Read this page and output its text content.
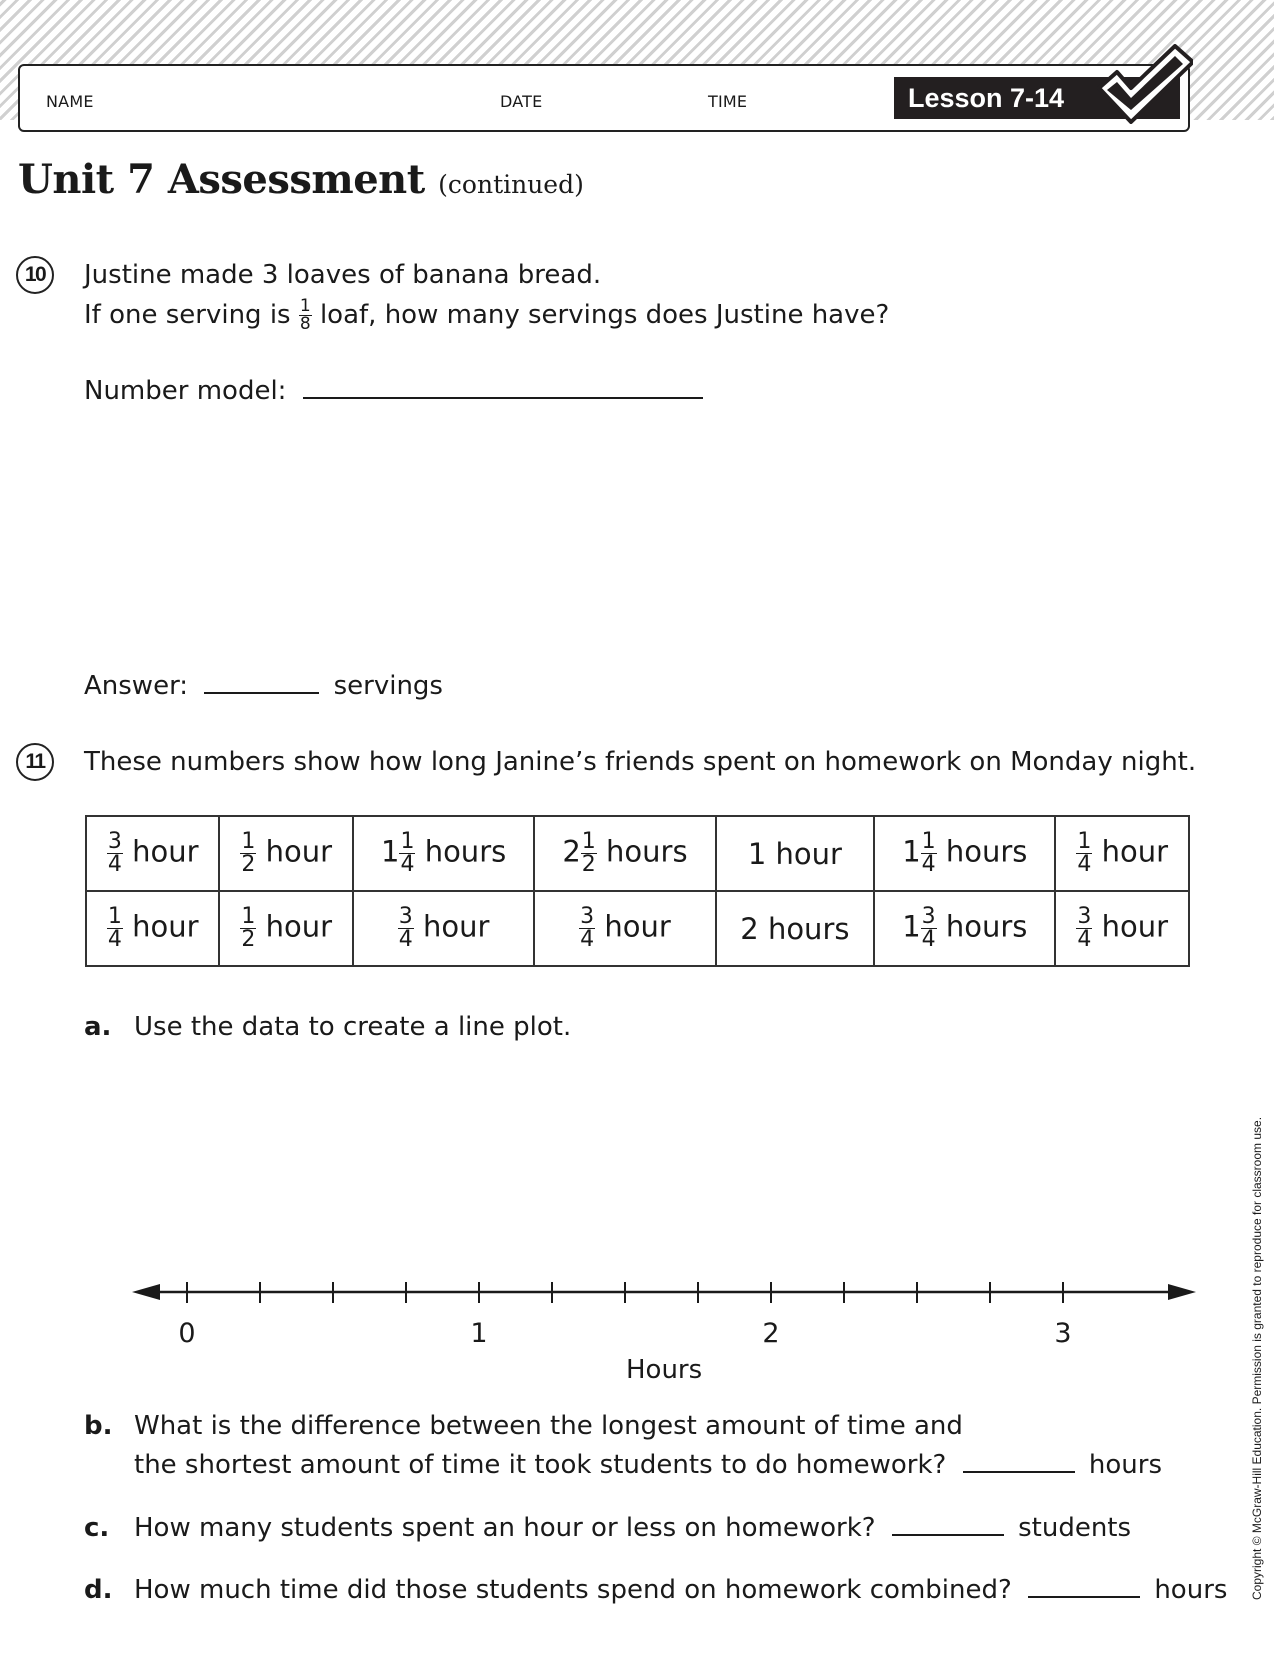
NAME	DATE	TIME	Lesson 7-14
Unit 7 Assessment (continued)
10	Justine made 3 loaves of banana bread.
If one serving is $\frac{1}{8}$ loaf, how many servings does Justine have?
Number model:
Answer:	servings
11	These numbers show how long Janine’s friends spent on homework on Monday night.
$\frac{3}{4}$ hour	$\frac{1}{2}$ hour	$1 \frac{1}{4}$ hours	$2 \frac{1}{2}$ hours	1 hour	$1 \frac{1}{4}$ hours	$\frac{1}{4}$ hour

$\frac{1}{4}$ hour	$\frac{1}{2}$ hour	$\frac{3}{4}$ hour	$\frac{3}{4}$ hour	2 hours	$1 \frac{3}{4}$ hours	$\frac{3}{4}$ hour
a. Use the data to create a line plot.
0	1	2	3
Hours
b. What is the difference between the longest amount of time and
the shortest amount of time it took students to do homework?	hours
c. How many students spent an hour or less on homework?	students
d. How much time did those students spend on homework combined?	hours Copyright © McGraw-Hill Education. Permission is granted to reproduce for classroom use.
